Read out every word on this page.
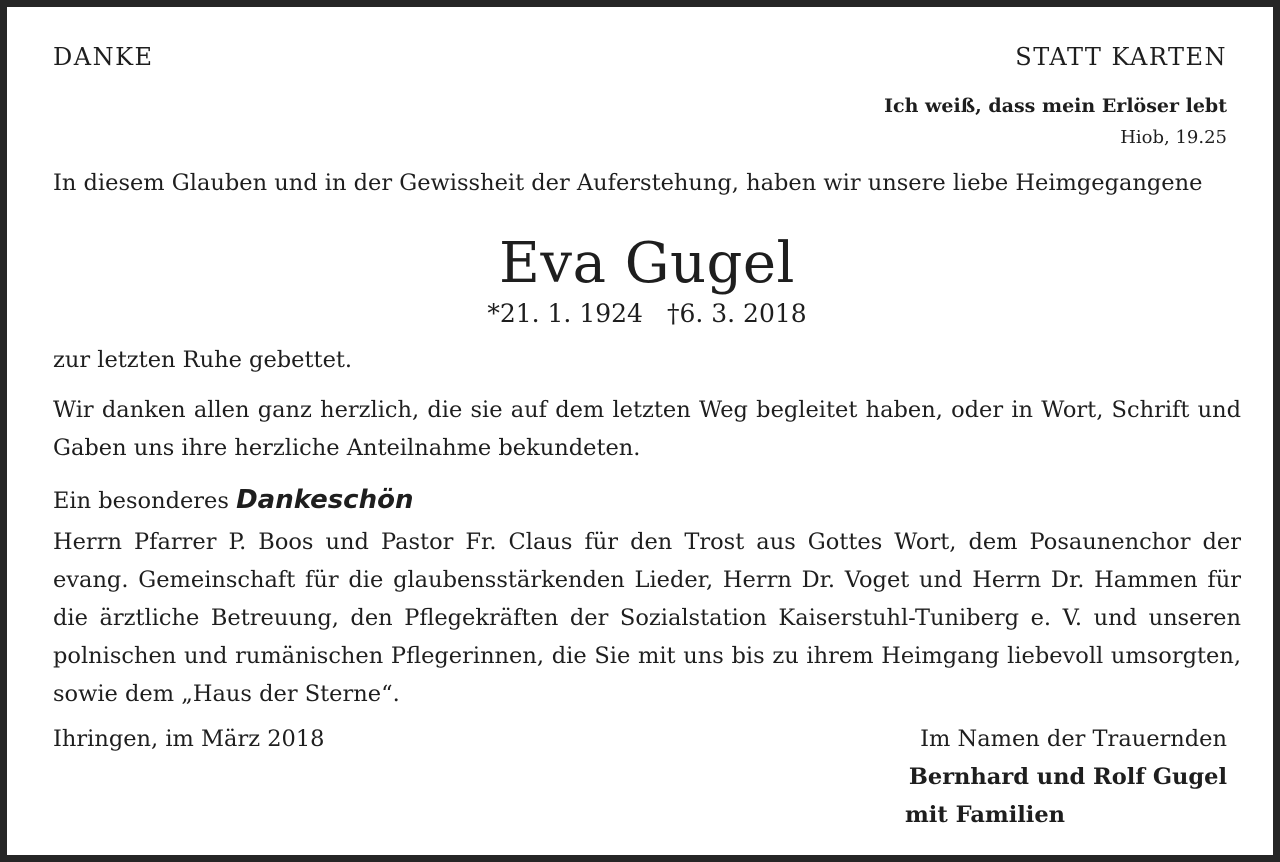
DANKE	STATT KARTEN
Ich weiß, dass mein Erlöser lebt
Hiob, 19.25
In diesem Glauben und in der Gewissheit der Auferstehung, haben wir unsere liebe Heimgegangene
Eva Gugel
*21. 1. 1924 †6. 3. 2018
zur letzten Ruhe gebettet.
Wir danken allen ganz herzlich, die sie auf dem letzten Weg begleitet haben, oder in Wort, Schrift und Gaben uns ihre herzliche Anteilnahme bekundeten.
Ein besonderes Dankeschön
Herrn Pfarrer P. Boos und Pastor Fr. Claus für den Trost aus Gottes Wort, dem Posaunenchor der evang. Gemeinschaft für die glaubensstärkenden Lieder, Herrn Dr. Voget und Herrn Dr. Hammen für die ärztliche Betreuung, den Pflegekräften der Sozialstation Kaiserstuhl-Tuniberg e. V. und unseren polnischen und rumänischen Pflegerinnen, die Sie mit uns bis zu ihrem Heimgang liebevoll umsorgten, sowie dem „Haus der Sterne“.
Ihringen, im März 2018	Im Namen der Trauernden
Bernhard und Rolf Gugel
mit Familien
